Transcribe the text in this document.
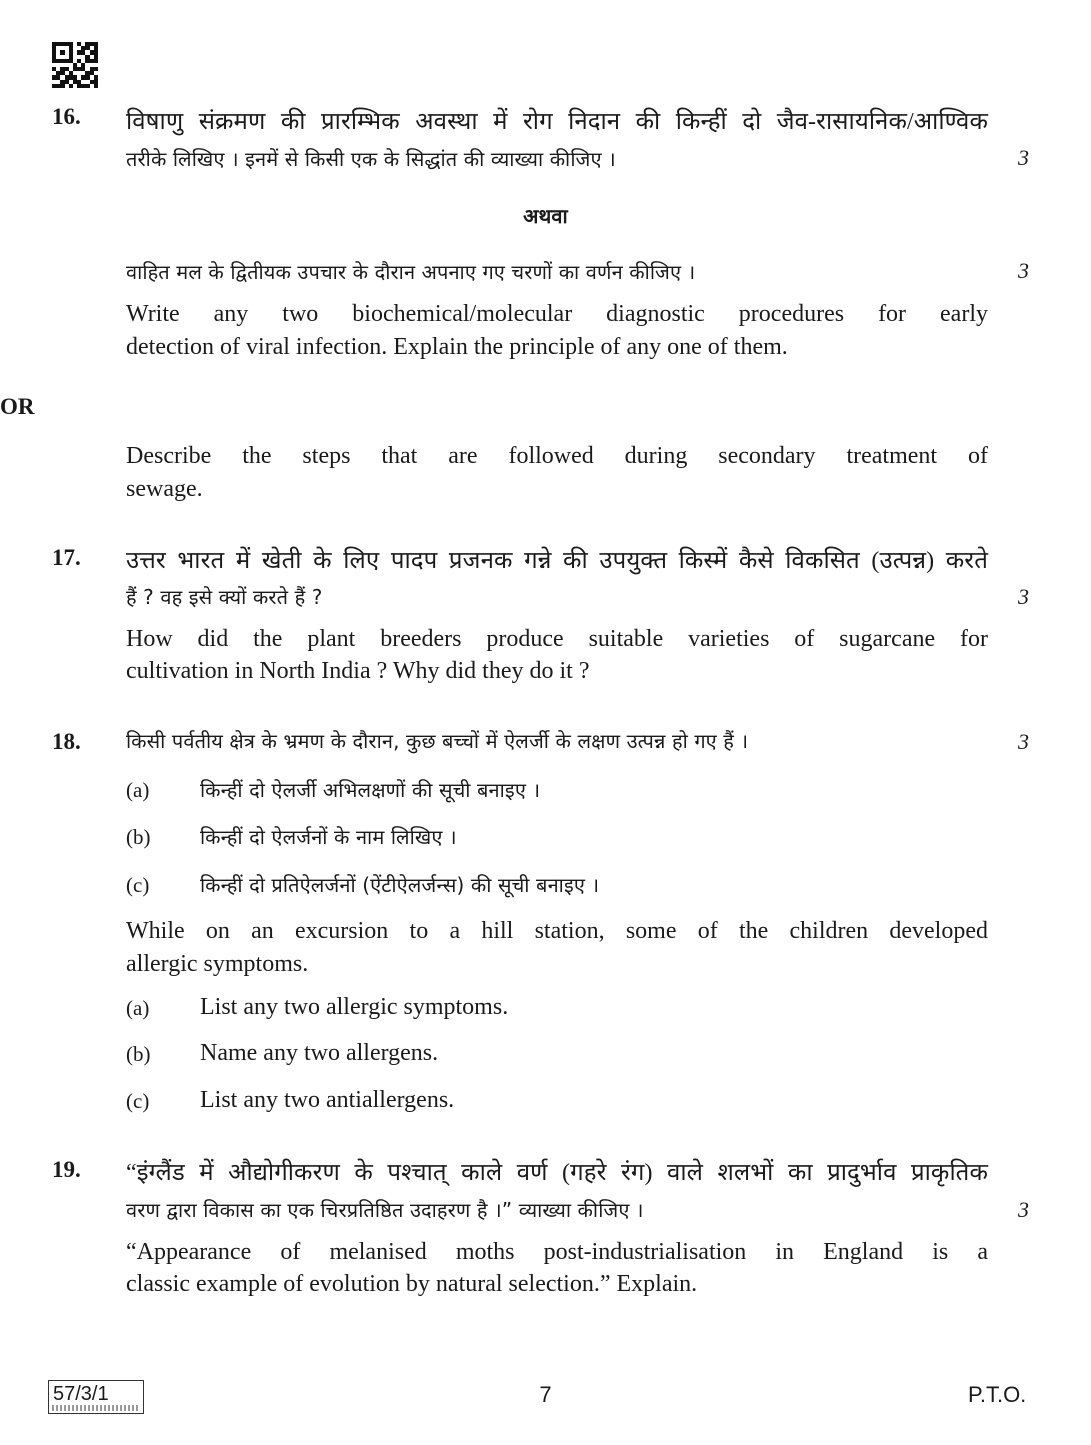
16. विषाणु संक्रमण की प्रारम्भिक अवस्था में रोग निदान की किन्हीं दो जैव-रासायनिक/आण्विक
तरीके लिखिए । इनमें से किसी एक के सिद्धांत की व्याख्या कीजिए ।	3
अथवा
वाहित मल के द्वितीयक उपचार के दौरान अपनाए गए चरणों का वर्णन कीजिए ।	3
Write any two biochemical/molecular diagnostic procedures for early
detection of viral infection. Explain the principle of any one of them.
OR
Describe the steps that are followed during secondary treatment of
sewage.
17. उत्तर भारत में खेती के लिए पादप प्रजनक गन्ने की उपयुक्त किस्में कैसे विकसित (उत्पन्न) करते
हैं ? वह इसे क्यों करते हैं ?	3
How did the plant breeders produce suitable varieties of sugarcane for
cultivation in North India ? Why did they do it ?
18. किसी पर्वतीय क्षेत्र के भ्रमण के दौरान, कुछ बच्चों में ऐलर्जी के लक्षण उत्पन्न हो गए हैं ।	3
(a)	किन्हीं दो ऐलर्जी अभिलक्षणों की सूची बनाइए ।
(b) किन्हीं दो ऐलर्जनों के नाम लिखिए ।
(c)	किन्हीं दो प्रतिऐलर्जनों (ऐंटीऐलर्जन्स) की सूची बनाइए ।
While on an excursion to a hill station, some of the children developed
allergic symptoms.
(a) List any two allergic symptoms.
(b) Name any two allergens.
(c) List any two antiallergens.
19. “इंग्लैंड में औद्योगीकरण के पश्चात् काले वर्ण (गहरे रंग) वाले शलभों का प्रादुर्भाव प्राकृतिक
वरण द्वारा विकास का एक चिरप्रतिष्ठित उदाहरण है ।” व्याख्या कीजिए ।	3
“Appearance of melanised moths post-industrialisation in England is a
classic example of evolution by natural selection.” Explain.
57/3/1	7	P.T.O.
